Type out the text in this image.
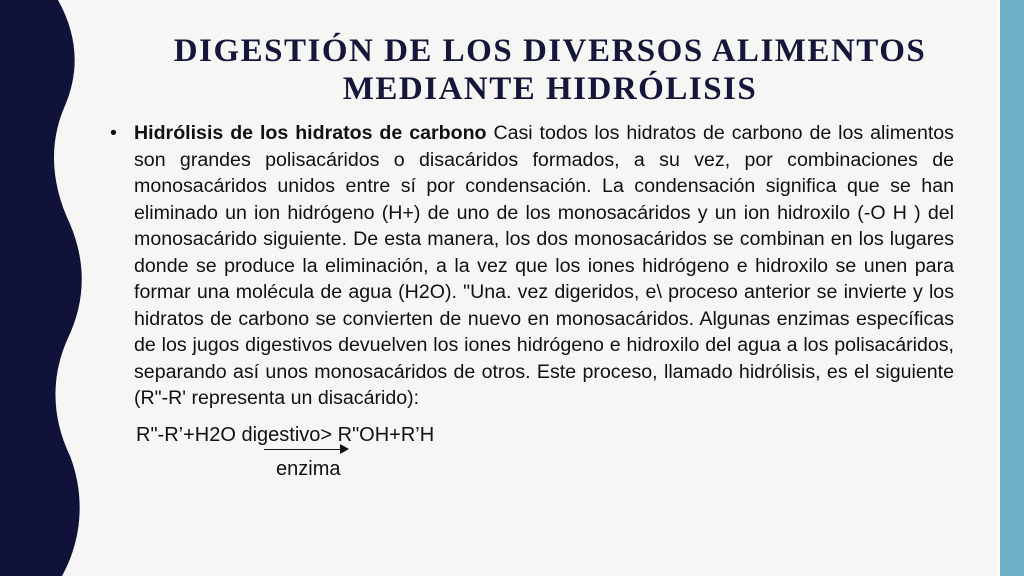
DIGESTIÓN DE LOS DIVERSOS ALIMENTOS MEDIANTE HIDRÓLISIS
• Hidrólisis de los hidratos de carbono Casi todos los hidratos de carbono de los alimentos son grandes polisacáridos o disacáridos formados, a su vez, por combinaciones de monosacáridos unidos entre sí por condensación. La condensación significa que se han eliminado un ion hidrógeno (H+) de uno de los monosacáridos y un ion hidroxilo (-O H ) del monosacárido siguiente. De esta manera, los dos monosacáridos se combinan en los lugares donde se produce la eliminación, a la vez que los iones hidrógeno e hidroxilo se unen para formar una molécula de agua (H2O). "Una. vez digeridos, e\ proceso anterior se invierte y los hidratos de carbono se convierten de nuevo en monosacáridos. Algunas enzimas específicas de los jugos digestivos devuelven los iones hidrógeno e hidroxilo del agua a los polisacáridos, separando así unos monosacáridos de otros. Este proceso, llamado hidrólisis, es el siguiente (R"-R' representa un disacárido):

R"-R’+H2O digestivo> R"OH+R’H
enzima
